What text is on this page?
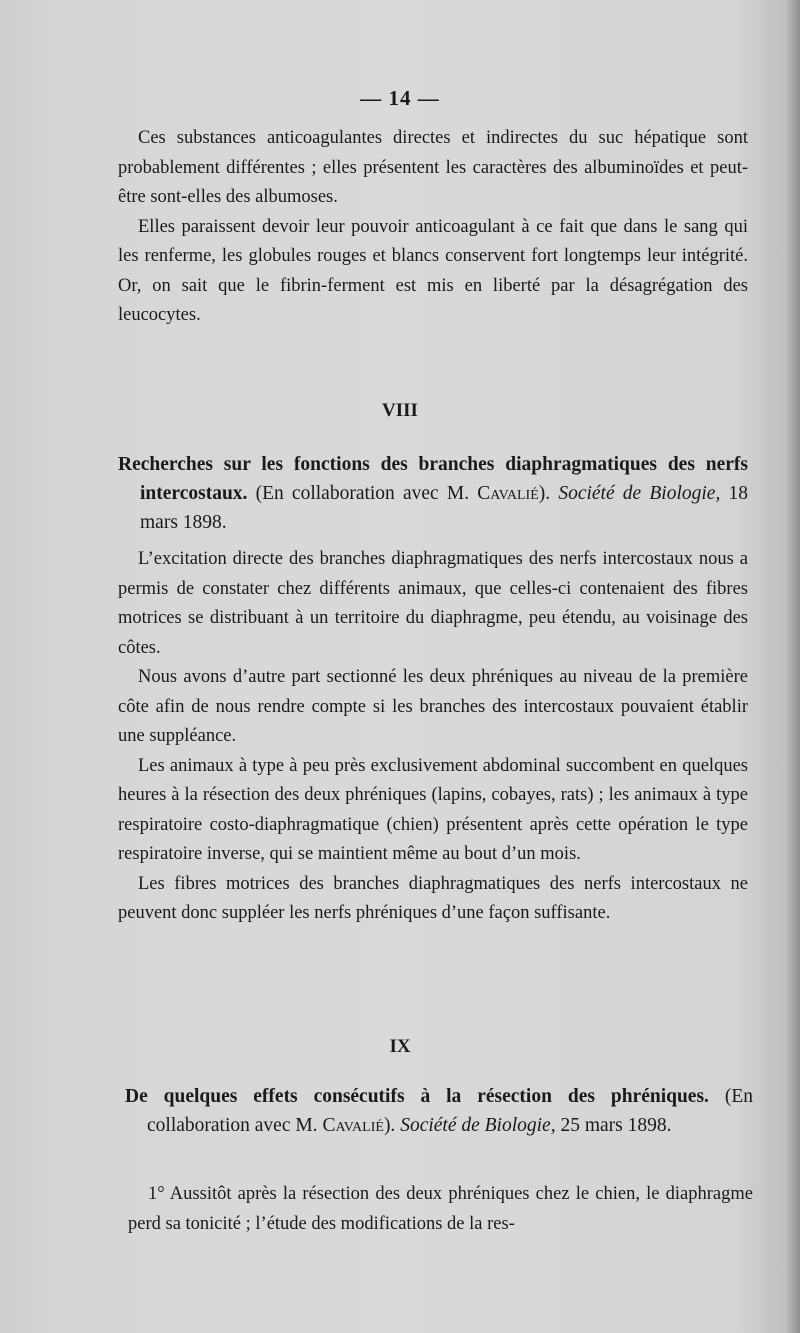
— 14 —

Ces substances anticoagulantes directes et indirectes du suc hépatique sont probablement différentes ; elles présentent les caractères des albuminoïdes et peut-être sont-elles des albumoses.

Elles paraissent devoir leur pouvoir anticoagulant à ce fait que dans le sang qui les renferme, les globules rouges et blancs conservent fort longtemps leur intégrité. Or, on sait que le fibrin-ferment est mis en liberté par la désagrégation des leucocytes.

VIII
Recherches sur les fonctions des branches diaphragmatiques des nerfs intercostaux. (En collaboration avec M. Cavalié). Société de Biologie, 18 mars 1898.

L’excitation directe des branches diaphragmatiques des nerfs intercostaux nous a permis de constater chez différents animaux, que celles-ci contenaient des fibres motrices se distribuant à un territoire du diaphragme, peu étendu, au voisinage des côtes.

Nous avons d’autre part sectionné les deux phréniques au niveau de la première côte afin de nous rendre compte si les branches des intercostaux pouvaient établir une suppléance.

Les animaux à type à peu près exclusivement abdominal succombent en quelques heures à la résection des deux phréniques (lapins, cobayes, rats) ; les animaux à type respiratoire costo-diaphragmatique (chien) présentent après cette opération le type respiratoire inverse, qui se maintient même au bout d’un mois.

Les fibres motrices des branches diaphragmatiques des nerfs intercostaux ne peuvent donc suppléer les nerfs phréniques d’une façon suffisante.

IX
De quelques effets consécutifs à la résection des phréniques. (En collaboration avec M. Cavalié). Société de Biologie, 25 mars 1898.

1° Aussitôt après la résection des deux phréniques chez le chien, le diaphragme perd sa tonicité ; l’étude des modifications de la res-
